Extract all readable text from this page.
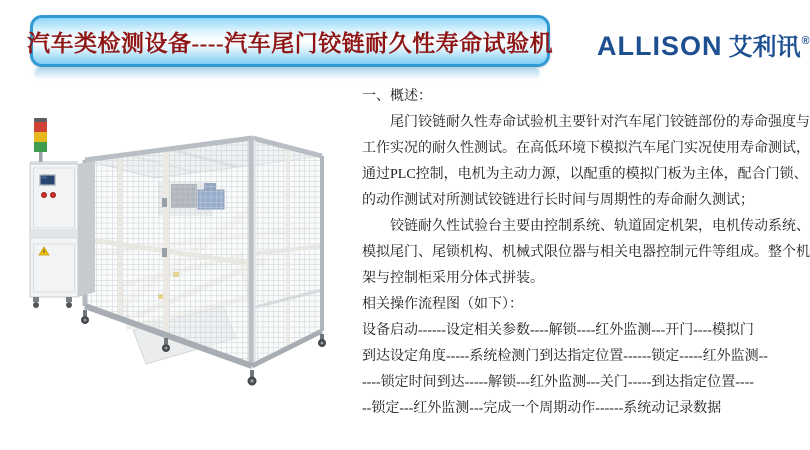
汽车类检测设备----汽车尾门铰链耐久性寿命试验机 ALLISON 艾利讯®
一、概述：
尾门铰链耐久性寿命试验机主要针对汽车尾门铰链部份的寿命强度与
工作实况的耐久性测试。在高低环境下模拟汽车尾门实况使用寿命测试，
通过PLC控制，电机为主动力源，以配重的模拟门板为主体，配合门锁、
的动作测试对所测试铰链进行长时间与周期性的寿命耐久测试；
铰链耐久性试验台主要由控制系统、轨道固定机架，电机传动系统、
模拟尾门、尾锁机构、机械式限位器与相关电器控制元件等组成。整个机
架与控制柜采用分体式拼装。
相关操作流程图（如下）：
设备启动------设定相关参数----解锁----红外监测---开门----模拟门
到达设定角度-----系统检测门到达指定位置------锁定-----红外监测--
----锁定时间到达-----解锁---红外监测---关门-----到达指定位置----
--锁定---红外监测---完成一个周期动作------系统动记录数据
